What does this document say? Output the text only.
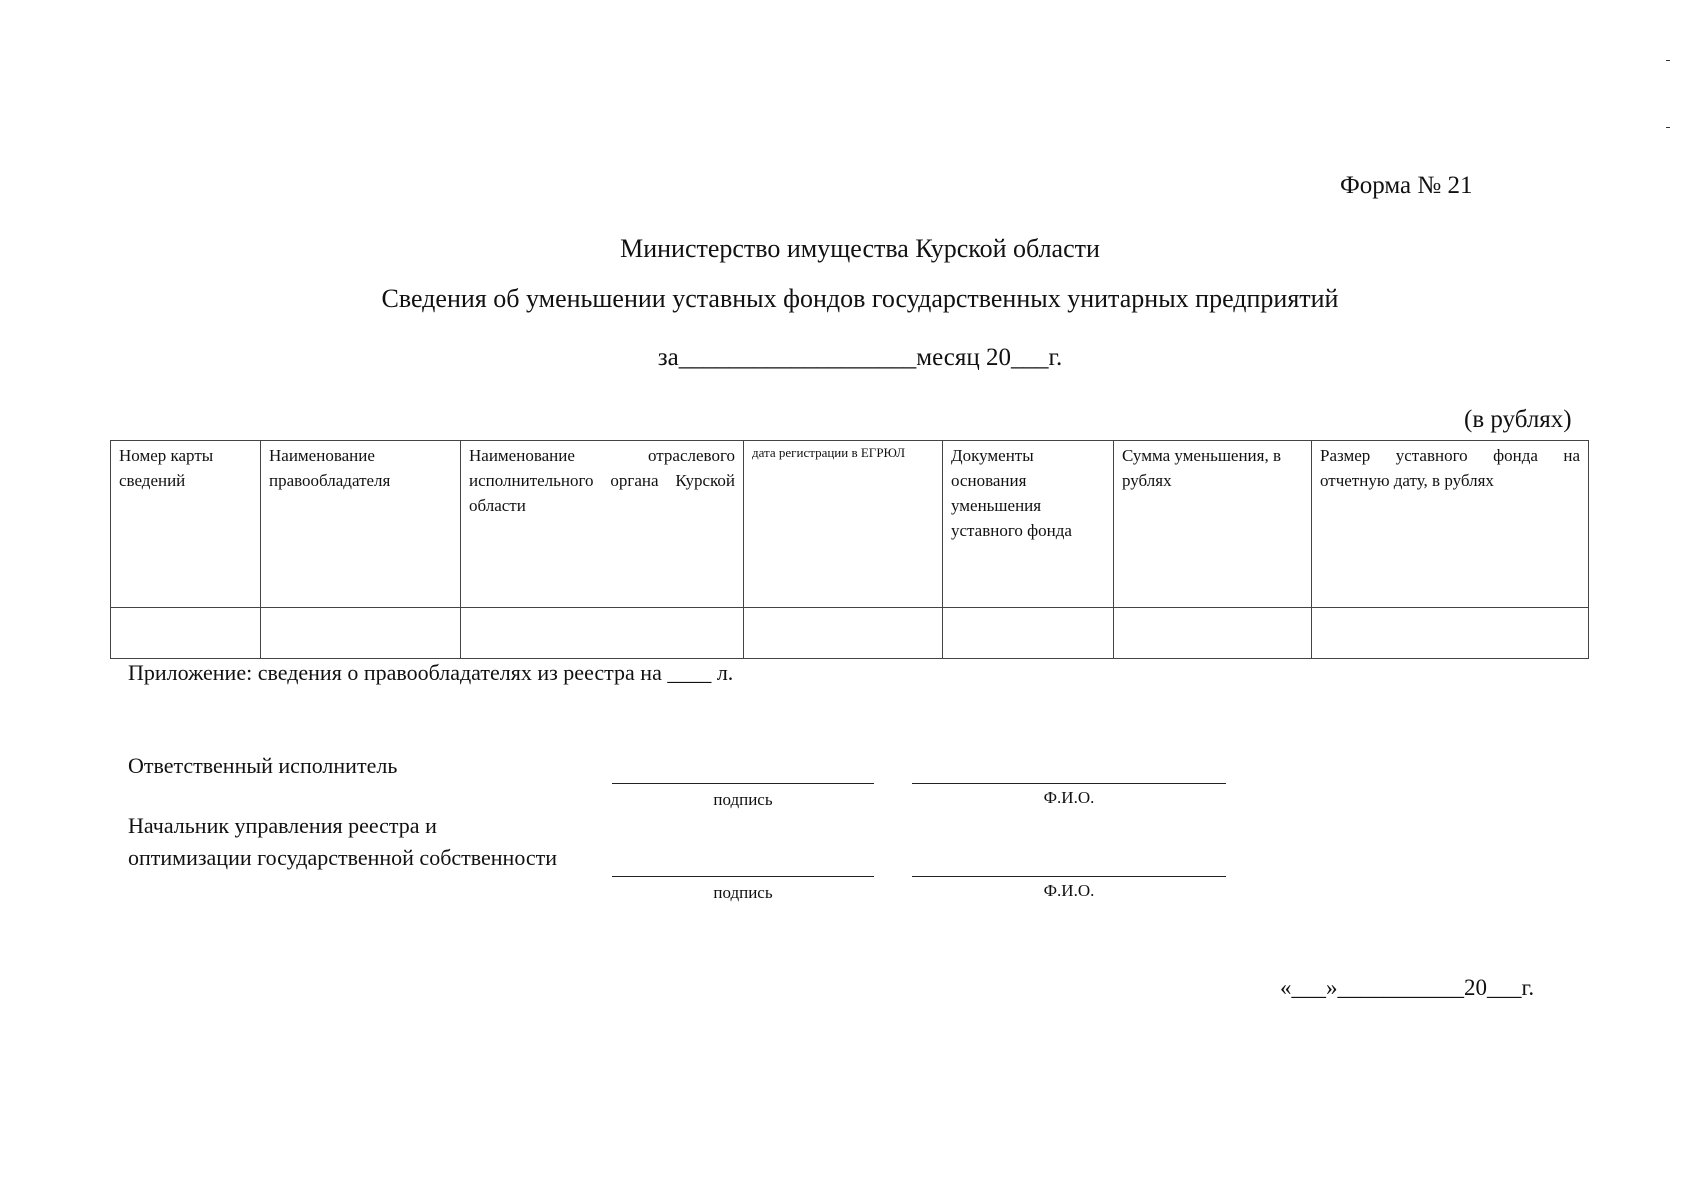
Форма № 21
Министерство имущества Курской области
Сведения об уменьшении уставных фондов государственных унитарных предприятий
за___________________месяц 20___г.
(в рублях)
Номер карты сведений	Наименование правообладателя	Наименование отраслевого исполнительного органа Курской области	дата регистрации в ЕГРЮЛ	Документы основания уменьшения уставного фонда	Сумма уменьшения, в рублях	Размер уставного фонда на отчетную дату, в рублях

Приложение: сведения о правообладателях из реестра на ____ л.
Ответственный исполнитель
подпись	Ф.И.О.
Начальник управления реестра и
оптимизации государственной собственности
подпись	Ф.И.О.
«___»___________20___г.
